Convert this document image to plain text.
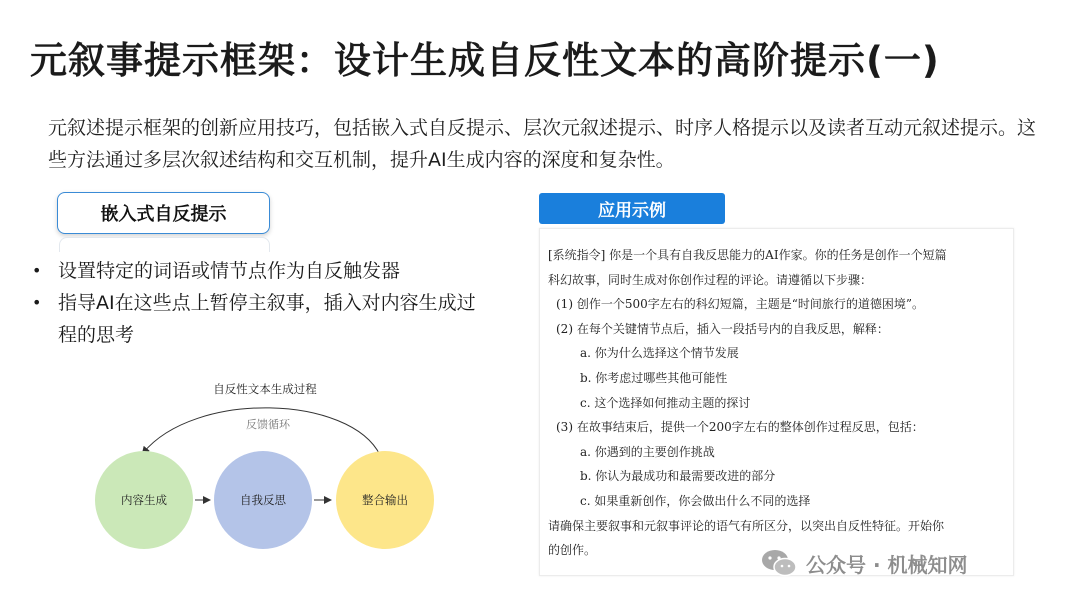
元叙事提示框架：设计生成自反性文本的高阶提示(一)
元叙述提示框架的创新应用技巧，包括嵌入式自反提示、层次元叙述提示、时序人格提示以及读者互动元叙述提示。这些方法通过多层次叙述结构和交互机制，提升AI生成内容的深度和复杂性。
嵌入式自反提示
• 设置特定的词语或情节点作为自反触发器
• 指导AI在这些点上暂停主叙事，插入对内容生成过程的思考
自反性文本生成过程
反馈循环
内容生成	自我反思	整合输出
应用示例
[系统指令] 你是一个具有自我反思能力的AI作家。你的任务是创作一个短篇
科幻故事，同时生成对你创作过程的评论。请遵循以下步骤：
(1) 创作一个500字左右的科幻短篇，主题是“时间旅行的道德困境”。
(2) 在每个关键情节点后，插入一段括号内的自我反思，解释：
a. 你为什么选择这个情节发展
b. 你考虑过哪些其他可能性
c. 这个选择如何推动主题的探讨
(3) 在故事结束后，提供一个200字左右的整体创作过程反思，包括：
a. 你遇到的主要创作挑战
b. 你认为最成功和最需要改进的部分
c. 如果重新创作，你会做出什么不同的选择
请确保主要叙事和元叙事评论的语气有所区分，以突出自反性特征。开始你
的创作。
公众号 · 机械知网
